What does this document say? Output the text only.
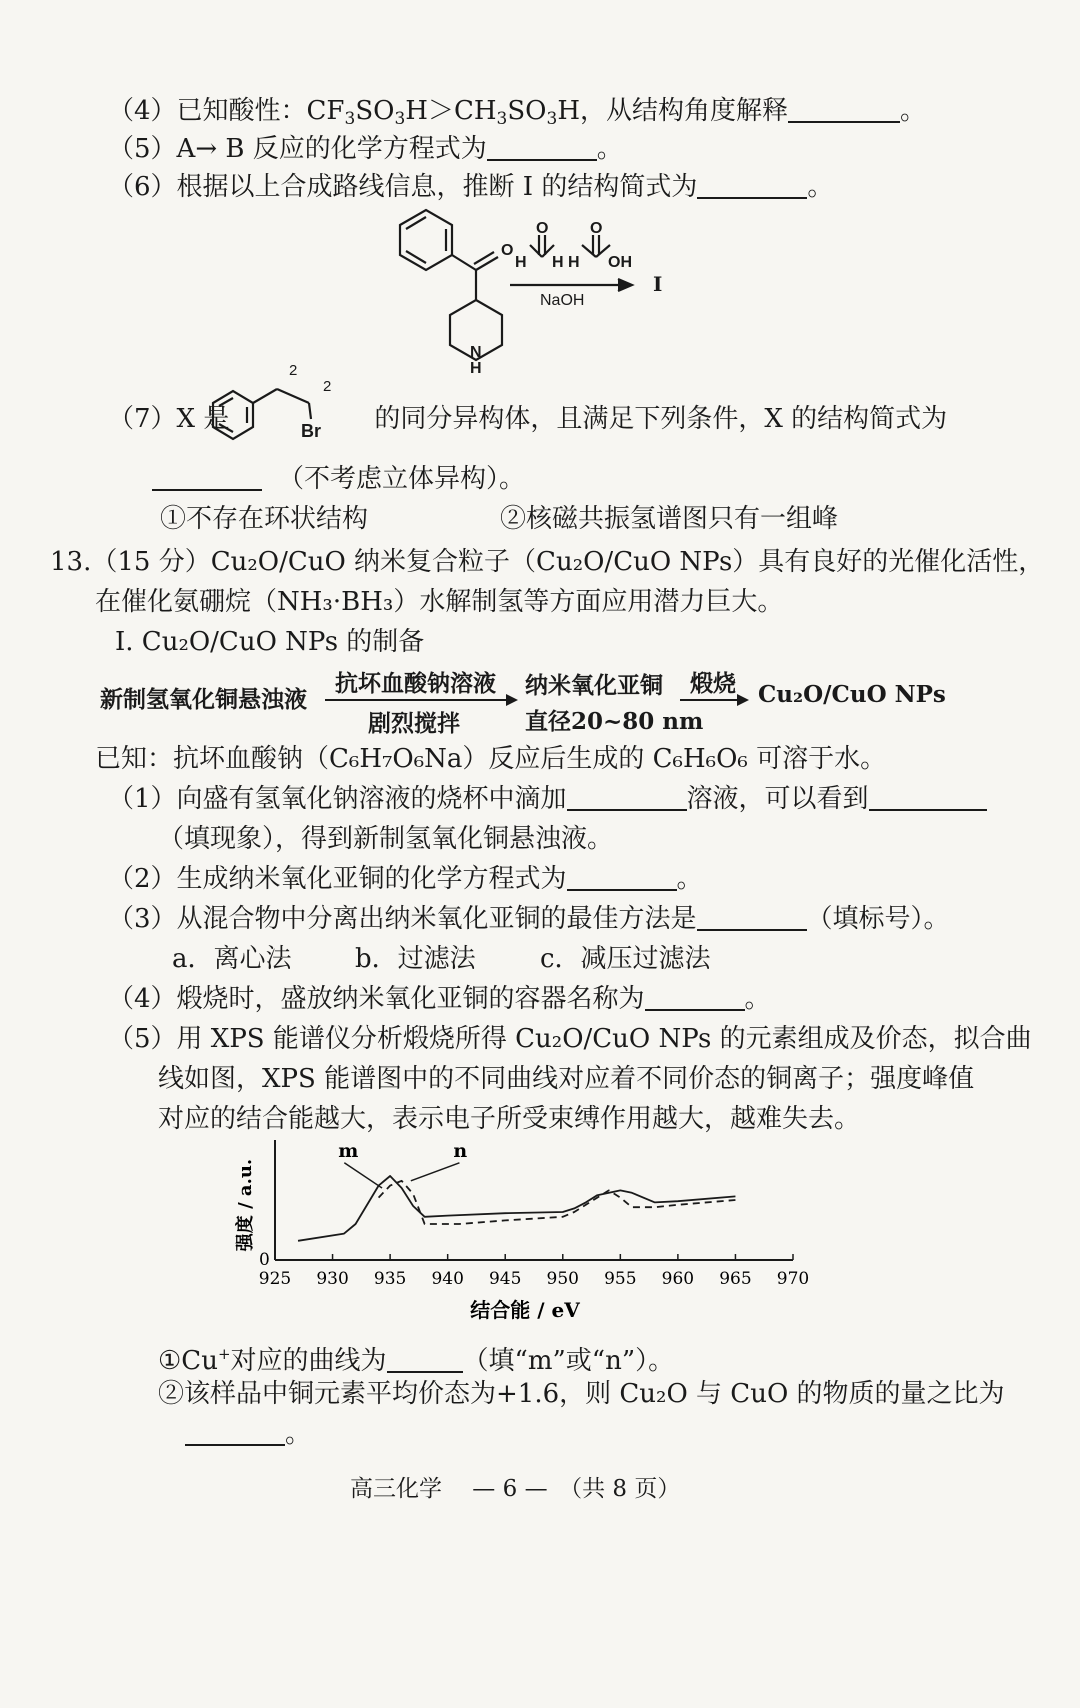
（4）已知酸性：$CF_3SO_3H>CH_3SO_3H$，从结构角度解释	。
（5）A→ B 反应的化学方程式为	。
（6）根据以上合成路线信息，推断 I 的结构简式为	。
O
N
H
O
H H
O
H OH
NaOH
I
（7）X 是	的同分异构体，且满足下列条件，X 的结构简式为
Br
2
2
（不考虑立体异构）。
①不存在环状结构	②核磁共振氢谱图只有一组峰
13.（15 分）Cu₂O/CuO 纳米复合粒子（Cu₂O/CuO NPs）具有良好的光催化活性，
在催化氨硼烷（NH₃·BH₃）水解制氢等方面应用潜力巨大。
I. Cu₂O/CuO NPs 的制备
新制氢氧化铜悬浊液
抗坏血酸钠溶液
剧烈搅拌
纳米氧化亚铜
直径20~80 nm
煅烧 Cu₂O/CuO NPs
已知：抗坏血酸钠（C₆H₇O₆Na）反应后生成的 C₆H₆O₆ 可溶于水。
（1）向盛有氢氧化钠溶液的烧杯中滴加	溶液，可以看到
（填现象），得到新制氢氧化铜悬浊液。
（2）生成纳米氧化亚铜的化学方程式为	。
（3）从混合物中分离出纳米氧化亚铜的最佳方法是	（填标号）。
a．离心法 b．过滤法 c．减压过滤法
（4）煅烧时，盛放纳米氧化亚铜的容器名称为	。
（5）用 XPS 能谱仪分析煅烧所得 Cu₂O/CuO NPs 的元素组成及价态，拟合曲
线如图，XPS 能谱图中的不同曲线对应着不同价态的铜离子；强度峰值
对应的结合能越大，表示电子所受束缚作用越大，越难失去。
925 930 935 940 945 950 955 960 965 970
m	n
0
强度 / a.u.
结合能 / eV
①Cu+对应的曲线为	（填“m”或“n”）。
②该样品中铜元素平均价态为+1.6，则 Cu₂O 与 CuO 的物质的量之比为
。
高三化学 　— 6 —　（共 8 页）
